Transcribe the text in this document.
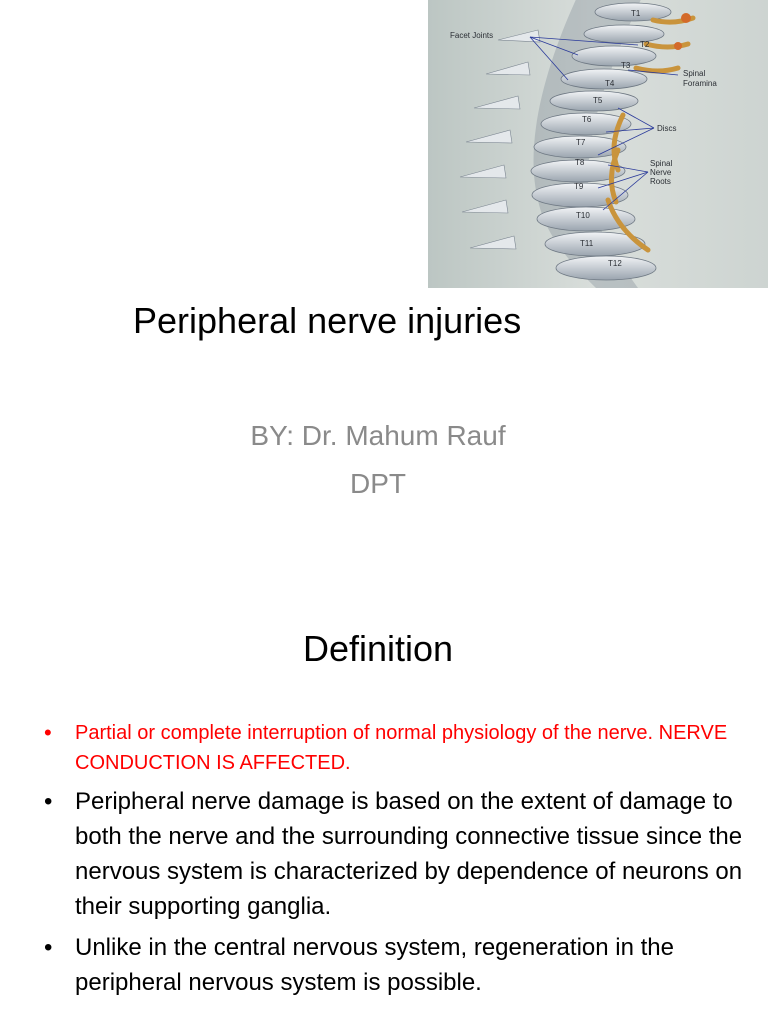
T1
T2
T3
T4
T5
T6
T7
T8
T9
T10
T11
T12
Facet Joints
Spinal
Foramina
Discs
Spinal
Nerve
Roots
Peripheral nerve injuries
BY: Dr. Mahum Rauf
DPT
Definition
• Partial or complete interruption of normal physiology of the nerve. NERVE CONDUCTION IS AFFECTED.
• Peripheral nerve damage is based on the extent of damage to both the nerve and the surrounding connective tissue since the nervous system is characterized by dependence of neurons on their supporting ganglia.
• Unlike in the central nervous system, regeneration in the peripheral nervous system is possible.
